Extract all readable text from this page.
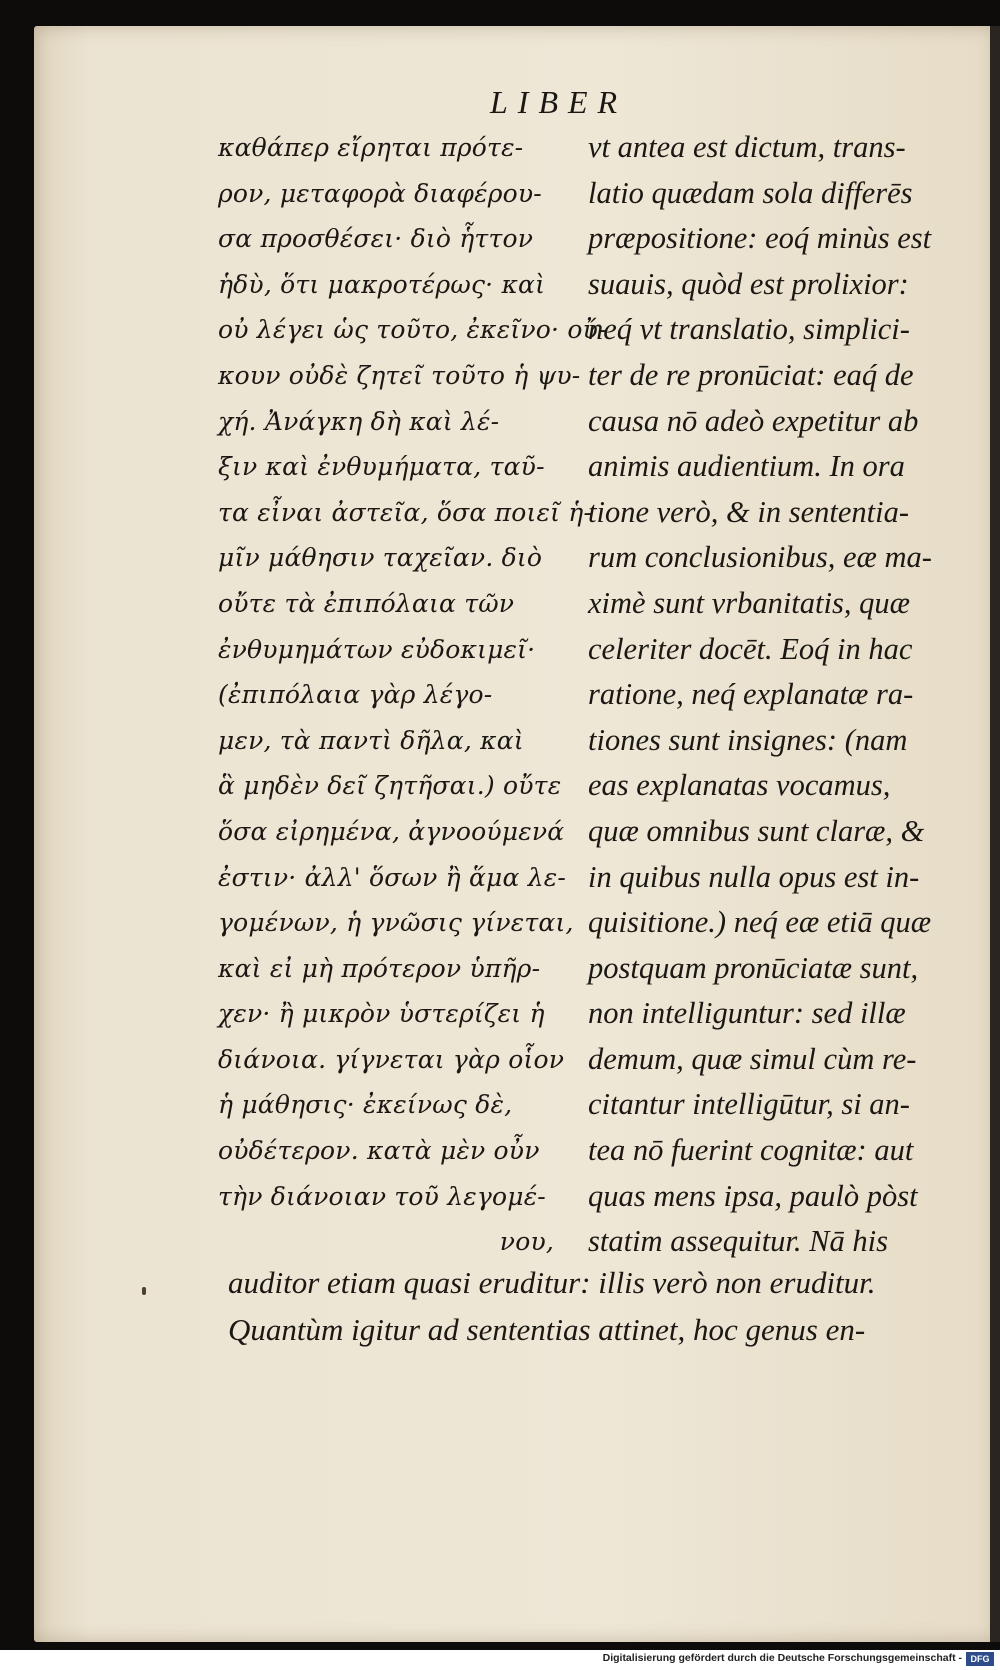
LIBER
καθάπερ εἴρηται πρότε-
ρον, μεταφορὰ διαφέρου-
σα προσθέσει· διὸ ἧττον
ἡδὺ, ὅτι μακροτέρως· καὶ
οὐ λέγει ὡς τοῦτο, ἐκεῖνο· οὔ-
κουν οὐδὲ ζητεῖ τοῦτο ἡ ψυ-
χή. Ἀνάγκη δὴ καὶ λέ-
ξιν καὶ ἐνθυμήματα, ταῦ-
τα εἶναι ἀστεῖα, ὅσα ποιεῖ ἡ-
μῖν μάθησιν ταχεῖαν. διὸ
οὔτε τὰ ἐπιπόλαια τῶν
ἐνθυμημάτων εὐδοκιμεῖ·
(ἐπιπόλαια γὰρ λέγο-
μεν, τὰ παντὶ δῆλα, καὶ
ἃ μηδὲν δεῖ ζητῆσαι.) οὔτε
ὅσα εἰρημένα, ἀγνοούμενά
ἐστιν· ἀλλ' ὅσων ἢ ἅμα λε-
γομένων, ἡ γνῶσις γίνεται,
καὶ εἰ μὴ πρότερον ὑπῆρ-
χεν· ἢ μικρὸν ὑστερίζει ἡ
διάνοια. γίγνεται γὰρ οἷον
ἡ μάθησις· ἐκείνως δὲ,
οὐδέτερον. κατὰ μὲν οὖν
τὴν διάνοιαν τοῦ λεγομέ-
νου,
vt antea est dictum, trans-
latio quædam sola differēs
præpositione: eoq́ minùs est
suauis, quòd est prolixior:
neq́ vt translatio, simplici-
ter de re pronūciat: eaq́ de
causa nō adeò expetitur ab
animis audientium. In ora
tione verò, & in sententia-
rum conclusionibus, eæ ma-
ximè sunt vrbanitatis, quæ
celeriter docēt. Eoq́ in hac
ratione, neq́ explanatæ ra-
tiones sunt insignes: (nam
eas explanatas vocamus,
quæ omnibus sunt claræ, &
in quibus nulla opus est in-
quisitione.) neq́ eæ etiā quæ
postquam pronūciatæ sunt,
non intelliguntur: sed illæ
demum, quæ simul cùm re-
citantur intelligūtur, si an-
tea nō fuerint cognitæ: aut
quas mens ipsa, paulò pòst
statim assequitur. Nā his
auditor etiam quasi eruditur: illis verò non eruditur.
Quantùm igitur ad sententias attinet, hoc genus en-
Digitalisierung gefördert durch die Deutsche Forschungsgemeinschaft - DFG
